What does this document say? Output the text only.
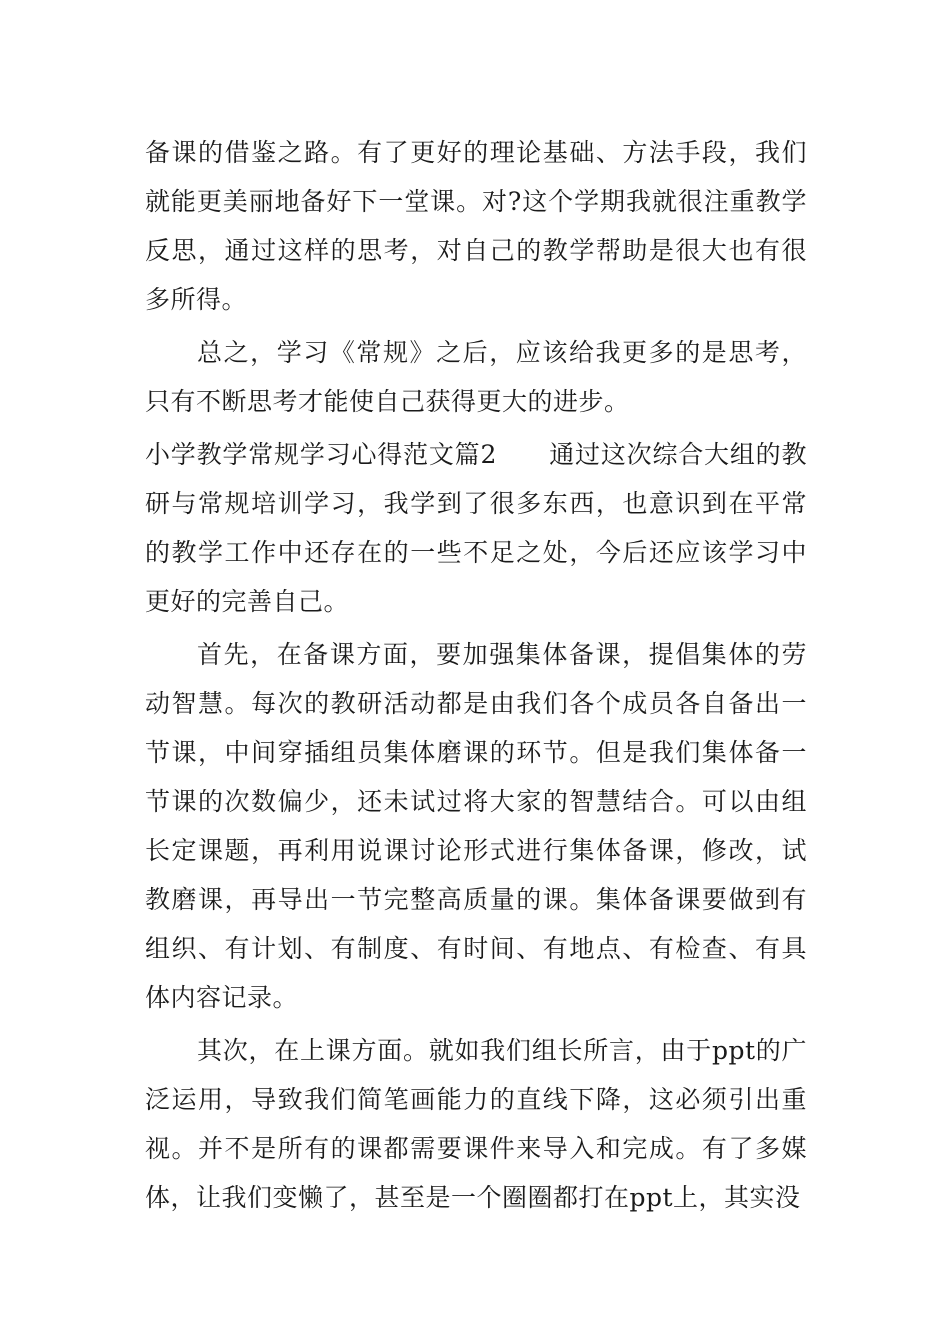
备课的借鉴之路。有了更好的理论基础、方法手段，我们就能更美丽地备好下一堂课。对?这个学期我就很注重教学反思，通过这样的思考，对自己的教学帮助是很大也有很多所得。

总之，学习《常规》之后，应该给我更多的是思考，只有不断思考才能使自己获得更大的进步。

小学教学常规学习心得范文篇2 通过这次综合大组的教研与常规培训学习，我学到了很多东西，也意识到在平常的教学工作中还存在的一些不足之处，今后还应该学习中更好的完善自己。

首先，在备课方面，要加强集体备课，提倡集体的劳动智慧。每次的教研活动都是由我们各个成员各自备出一节课，中间穿插组员集体磨课的环节。但是我们集体备一节课的次数偏少，还未试过将大家的智慧结合。可以由组长定课题，再利用说课讨论形式进行集体备课，修改，试教磨课，再导出一节完整高质量的课。集体备课要做到有组织、有计划、有制度、有时间、有地点、有检查、有具体内容记录。

其次，在上课方面。就如我们组长所言，由于ppt的广泛运用，导致我们简笔画能力的直线下降，这必须引出重视。并不是所有的课都需要课件来导入和完成。有了多媒体，让我们变懒了，甚至是一个圈圈都打在ppt上，其实没
